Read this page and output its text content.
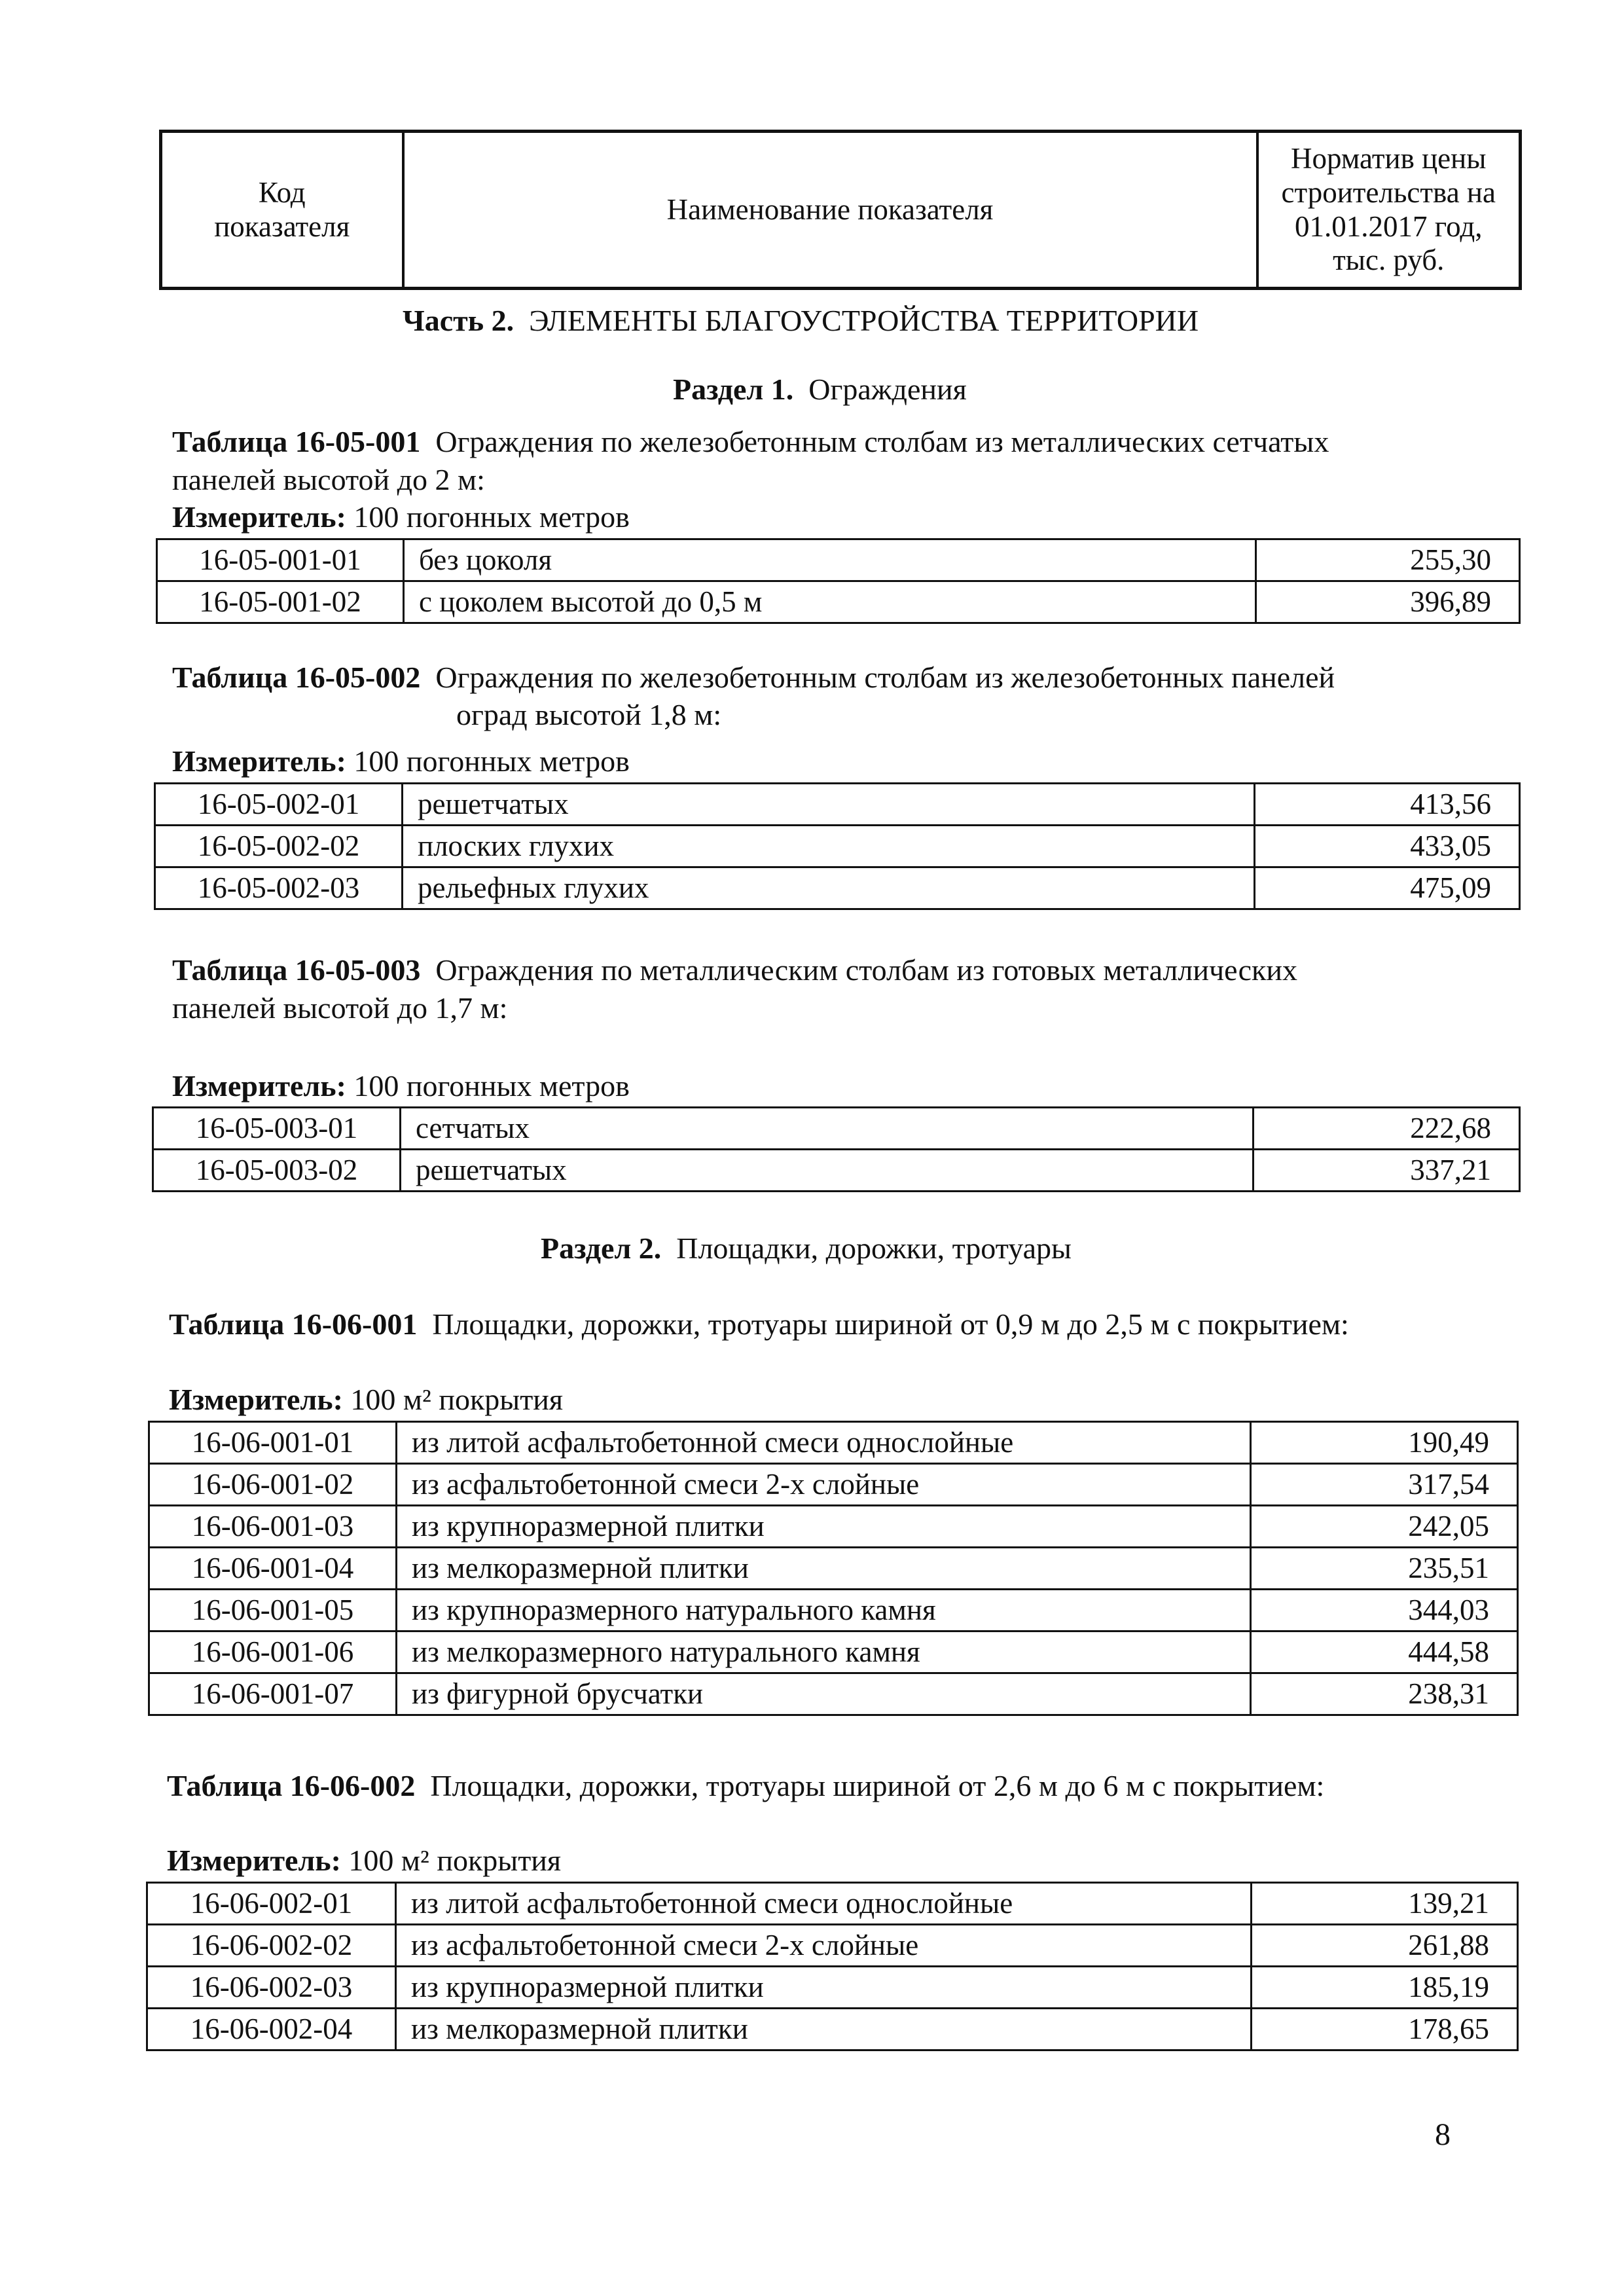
Код показателя	Наименование показателя	Норматив цены строительства на 01.01.2017 год, тыс. руб.
Часть 2. ЭЛЕМЕНТЫ БЛАГОУСТРОЙСТВА ТЕРРИТОРИИ
Раздел 1. Ограждения
Таблица 16-05-001 Ограждения по железобетонным столбам из металлических сетчатых
панелей высотой до 2 м:
Измеритель: 100 погонных метров
16-05-001-01	без цоколя	255,30
16-05-001-02	с цоколем высотой до 0,5 м	396,89
Таблица 16-05-002 Ограждения по железобетонным столбам из железобетонных панелей
оград высотой 1,8 м:
Измеритель: 100 погонных метров
16-05-002-01	решетчатых	413,56
16-05-002-02	плоских глухих	433,05
16-05-002-03	рельефных глухих	475,09
Таблица 16-05-003 Ограждения по металлическим столбам из готовых металлических
панелей высотой до 1,7 м:
Измеритель: 100 погонных метров
16-05-003-01	сетчатых	222,68
16-05-003-02	решетчатых	337,21
Раздел 2. Площадки, дорожки, тротуары
Таблица 16-06-001 Площадки, дорожки, тротуары шириной от 0,9 м до 2,5 м с покрытием:
Измеритель: 100 м² покрытия
16-06-001-01	из литой асфальтобетонной смеси однослойные	190,49
16-06-001-02	из асфальтобетонной смеси 2-х слойные	317,54
16-06-001-03	из крупноразмерной плитки	242,05
16-06-001-04	из мелкоразмерной плитки	235,51
16-06-001-05	из крупноразмерного натурального камня	344,03
16-06-001-06	из мелкоразмерного натурального камня	444,58
16-06-001-07	из фигурной брусчатки	238,31
Таблица 16-06-002 Площадки, дорожки, тротуары шириной от 2,6 м до 6 м с покрытием:
Измеритель: 100 м² покрытия
16-06-002-01	из литой асфальтобетонной смеси однослойные	139,21
16-06-002-02	из асфальтобетонной смеси 2-х слойные	261,88
16-06-002-03	из крупноразмерной плитки	185,19
16-06-002-04	из мелкоразмерной плитки	178,65
8
